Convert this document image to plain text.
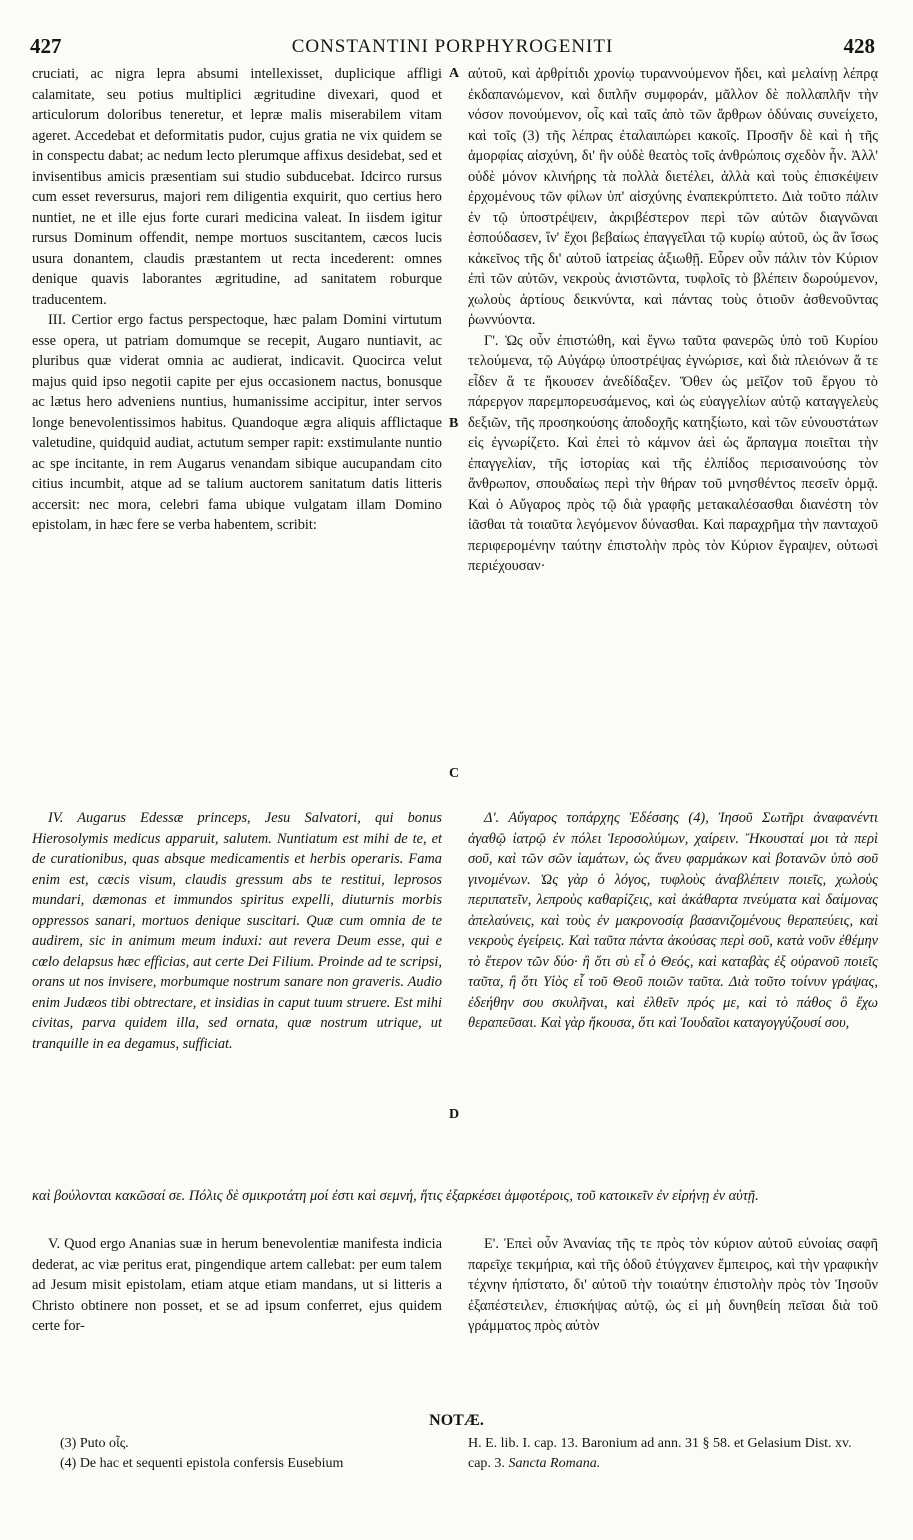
427	CONSTANTINI PORPHYROGENITI	428
A
B
C
D

cruciati, ac nigra lepra absumi intellexisset, duplicique affligi calamitate, seu potius multiplici ægritudine divexari, quod et articulorum doloribus teneretur, et lepræ malis miserabilem vitam ageret. Accedebat et deformitatis pudor, cujus gratia ne vix quidem se in conspectu dabat; ac nedum lecto plerumque affixus desidebat, sed et invisentibus amicis præsentiam sui studio subducebat. Idcirco rursus cum esset reversurus, majori rem diligentia exquirit, quo certius hero nuntiet, ne et ille ejus forte curari medicina valeat. In iisdem igitur rursus Dominum offendit, nempe mortuos suscitantem, cæcos lucis usura donantem, claudis præstantem ut recta incederent: omnes denique quavis laborantes ægritudine, ad sanitatem roburque traducentem.

III. Certior ergo factus perspectoque, hæc palam Domini virtutum esse opera, ut patriam domumque se recepit, Augaro nuntiavit, ac pluribus quæ viderat omnia ac audierat, indicavit. Quocirca velut majus quid ipso negotii capite per ejus occasionem nactus, bonusque ac lætus hero adveniens nuntius, humanissime accipitur, inter servos longe benevolentissimos habitus. Quandoque ægra aliquis afflictaque valetudine, quidquid audiat, actutum semper rapit: exstimulante nuntio ac spe incitante, in rem Augarus venandam sibique aucupandam cito citius incumbit, atque ad se talium auctorem sanitatum datis litteris accersit: nec mora, celebri fama ubique vulgatam illam Domino epistolam, in hæc fere se verba habentem, scribit:

IV. Augarus Edessæ princeps, Jesu Salvatori, qui bonus Hierosolymis medicus apparuit, salutem. Nuntiatum est mihi de te, et de curationibus, quas absque medicamentis et herbis operaris. Fama enim est, cæcis visum, claudis gressum abs te restitui, leprosos mundari, dæmonas et immundos spiritus expelli, diuturnis morbis oppressos sanari, mortuos denique suscitari. Quæ cum omnia de te audirem, sic in animum meum induxi: aut revera Deum esse, qui e cœlo delapsus hæc efficias, aut certe Dei Filium. Proinde ad te scripsi, orans ut nos invisere, morbumque nostrum sanare non graveris. Audio enim Judæos tibi obtrectare, et insidias in caput tuum struere. Est mihi civitas, parva quidem illa, sed ornata, quæ nostrum utrique, ut tranquille in ea degamus, sufficiat.

αὐτοῦ, καὶ ἀρθρίτιδι χρονίῳ τυραννούμενον ἤδει, καὶ μελαίνῃ λέπρᾳ ἐκδαπανώμενον, καὶ διπλῆν συμφοράν, μᾶλλον δὲ πολλαπλῆν τὴν νόσον πονούμενον, οἷς καὶ ταῖς ἀπὸ τῶν ἄρθρων ὀδύναις συνείχετο, καὶ τοῖς (3) τῆς λέπρας ἐταλαιπώρει κακοῖς. Προσῆν δὲ καὶ ἡ τῆς ἀμορφίας αἰσχύνη, δι' ἣν οὐδὲ θεατὸς τοῖς ἀνθρώποις σχεδὸν ἦν. Ἀλλ' οὐδὲ μόνον κλινήρης τὰ πολλὰ διετέλει, ἀλλὰ καὶ τοὺς ἐπισκέψειν ἐρχομένους τῶν φίλων ὑπ' αἰσχύνης ἐναπεκρύπτετο. Διὰ τοῦτο πάλιν ἐν τῷ ὑποστρέψειν, ἀκριβέστερον περὶ τῶν αὐτῶν διαγνῶναι ἐσπούδασεν, ἵν' ἔχοι βεβαίως ἐπαγγεῖλαι τῷ κυρίῳ αὐτοῦ, ὡς ἂν ἴσως κἀκεῖνος τῆς δι' αὐτοῦ ἰατρείας ἀξιωθῇ. Εὗρεν οὖν πάλιν τὸν Κύριον ἐπὶ τῶν αὐτῶν, νεκροὺς ἀνιστῶντα, τυφλοῖς τὸ βλέπειν δωρούμενον, χωλοὺς ἀρτίους δεικνύντα, καὶ πάντας τοὺς ὁτιοῦν ἀσθενοῦντας ῥωννύοντα.

Γ'. Ὡς οὖν ἐπιστώθη, καὶ ἔγνω ταῦτα φανερῶς ὑπὸ τοῦ Κυρίου τελούμενα, τῷ Αὐγάρῳ ὑποστρέψας ἐγνώρισε, καὶ διὰ πλειόνων ἅ τε εἶδεν ἅ τε ἤκουσεν ἀνεδίδαξεν. Ὅθεν ὡς μεῖζον τοῦ ἔργου τὸ πάρεργον παρεμπορευσάμενος, καὶ ὡς εὐαγγελίων αὐτῷ καταγγελεὺς δεξιῶν, τῆς προσηκούσης ἀποδοχῆς κατηξίωτο, καὶ τῶν εὐνουστάτων εἰς ἐγνωρίζετο. Καὶ ἐπεὶ τὸ κάμνον ἀεὶ ὡς ἅρπαγμα ποιεῖται τὴν ἐπαγγελίαν, τῆς ἱστορίας καὶ τῆς ἐλπίδος περισαινούσης τὸν ἄνθρωπον, σπουδαίως περὶ τὴν θήραν τοῦ μνησθέντος πεσεῖν ὁρμᾷ. Καὶ ὁ Αὔγαρος πρὸς τῷ διὰ γραφῆς μετακαλέσασθαι διανέστη τὸν ἰᾶσθαι τὰ τοιαῦτα λεγόμενον δύνασθαι. Καὶ παραχρῆμα τὴν πανταχοῦ περιφερομένην ταύτην ἐπιστολὴν πρὸς τὸν Κύριον ἔγραψεν, οὑτωσὶ περιέχουσαν·

Δ'. Αὔγαρος τοπάρχης Ἐδέσσης (4), Ἰησοῦ Σωτῆρι ἀναφανέντι ἀγαθῷ ἰατρῷ ἐν πόλει Ἱεροσολύμων, χαίρειν. Ἤκουσταί μοι τὰ περὶ σοῦ, καὶ τῶν σῶν ἰαμάτων, ὡς ἄνευ φαρμάκων καὶ βοτανῶν ὑπὸ σοῦ γινομένων. Ὡς γὰρ ὁ λόγος, τυφλοὺς ἀναβλέπειν ποιεῖς, χωλοὺς περιπατεῖν, λεπροὺς καθαρίζεις, καὶ ἀκάθαρτα πνεύματα καὶ δαίμονας ἀπελαύνεις, καὶ τοὺς ἐν μακρονοσίᾳ βασανιζομένους θεραπεύεις, καὶ νεκροὺς ἐγείρεις. Καὶ ταῦτα πάντα ἀκούσας περὶ σοῦ, κατὰ νοῦν ἐθέμην τὸ ἕτερον τῶν δύο· ἢ ὅτι σὺ εἶ ὁ Θεός, καὶ καταβὰς ἐξ οὐρανοῦ ποιεῖς ταῦτα, ἢ ὅτι Υἱὸς εἶ τοῦ Θεοῦ ποιῶν ταῦτα. Διὰ τοῦτο τοίνυν γράψας, ἐδεήθην σου σκυλῆναι, καὶ ἐλθεῖν πρός με, καὶ τὸ πάθος ὃ ἔχω θεραπεῦσαι. Καὶ γὰρ ἤκουσα, ὅτι καὶ Ἰουδαῖοι καταγογγύζουσί σου,

καὶ βούλονται κακῶσαί σε. Πόλις δὲ σμικροτάτη μοί ἐστι καὶ σεμνή, ἥτις ἐξαρκέσει ἀμφοτέροις, τοῦ κατοικεῖν ἐν εἰρήνῃ ἐν αὐτῇ.

V. Quod ergo Ananias suæ in herum benevolentiæ manifesta indicia dederat, ac viæ peritus erat, pingendique artem callebat: per eum talem ad Jesum misit epistolam, etiam atque etiam mandans, ut si litteris a Christo obtinere non posset, et se ad ipsum conferret, ejus quidem certe for-

Ε'. Ἐπεὶ οὖν Ἀνανίας τῆς τε πρὸς τὸν κύριον αὐτοῦ εὐνοίας σαφῆ παρεῖχε τεκμήρια, καὶ τῆς ὁδοῦ ἐτύγχανεν ἔμπειρος, καὶ τὴν γραφικὴν τέχνην ἠπίστατο, δι' αὐτοῦ τὴν τοιαύτην ἐπιστολὴν πρὸς τὸν Ἰησοῦν ἐξαπέστειλεν, ἐπισκήψας αὐτῷ, ὡς εἰ μὴ δυνηθείη πεῖσαι διὰ τοῦ γράμματος πρὸς αὐτὸν

NOTÆ.
(3) Puto οἷς.
(4) De hac et sequenti epistola confersis Eusebium
H. E. lib. I. cap. 13. Baronium ad ann. 31 § 58. et Gelasium Dist. xv. cap. 3. Sancta Romana.
